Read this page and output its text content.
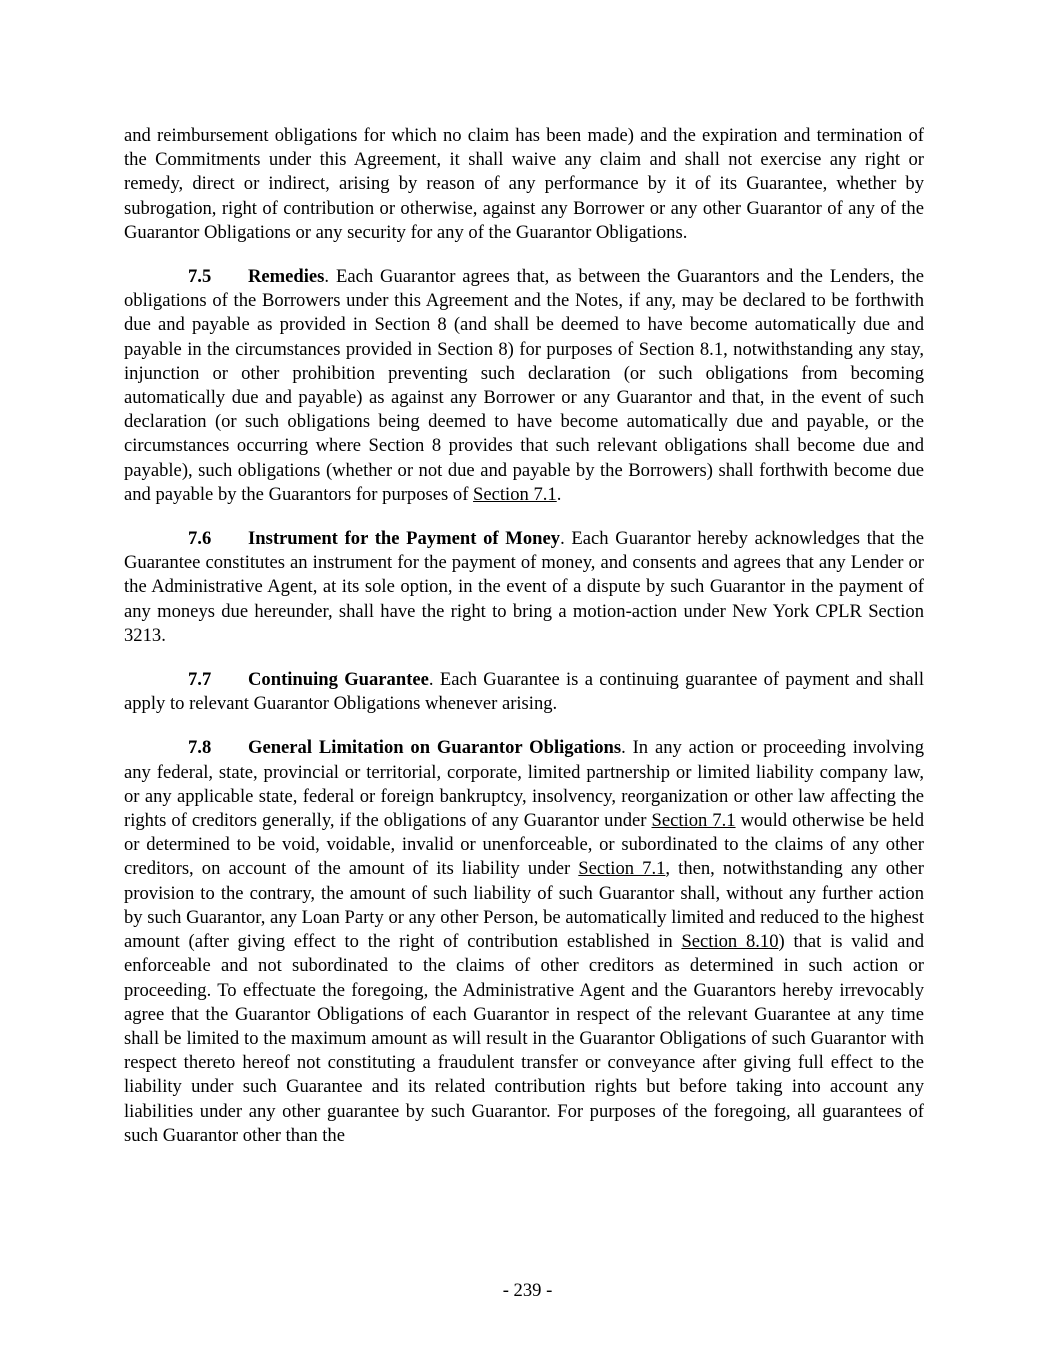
and reimbursement obligations for which no claim has been made) and the expiration and termination of the Commitments under this Agreement, it shall waive any claim and shall not exercise any right or remedy, direct or indirect, arising by reason of any performance by it of its Guarantee, whether by subrogation, right of contribution or otherwise, against any Borrower or any other Guarantor of any of the Guarantor Obligations or any security for any of the Guarantor Obligations.

7.5 Remedies. Each Guarantor agrees that, as between the Guarantors and the Lenders, the obligations of the Borrowers under this Agreement and the Notes, if any, may be declared to be forthwith due and payable as provided in Section 8 (and shall be deemed to have become automatically due and payable in the circumstances provided in Section 8) for purposes of Section 8.1, notwithstanding any stay, injunction or other prohibition preventing such declaration (or such obligations from becoming automatically due and payable) as against any Borrower or any Guarantor and that, in the event of such declaration (or such obligations being deemed to have become automatically due and payable, or the circumstances occurring where Section 8 provides that such relevant obligations shall become due and payable), such obligations (whether or not due and payable by the Borrowers) shall forthwith become due and payable by the Guarantors for purposes of Section 7.1.

7.6 Instrument for the Payment of Money. Each Guarantor hereby acknowledges that the Guarantee constitutes an instrument for the payment of money, and consents and agrees that any Lender or the Administrative Agent, at its sole option, in the event of a dispute by such Guarantor in the payment of any moneys due hereunder, shall have the right to bring a motion-action under New York CPLR Section 3213.

7.7 Continuing Guarantee. Each Guarantee is a continuing guarantee of payment and shall apply to relevant Guarantor Obligations whenever arising.

7.8 General Limitation on Guarantor Obligations. In any action or proceeding involving any federal, state, provincial or territorial, corporate, limited partnership or limited liability company law, or any applicable state, federal or foreign bankruptcy, insolvency, reorganization or other law affecting the rights of creditors generally, if the obligations of any Guarantor under Section 7.1 would otherwise be held or determined to be void, voidable, invalid or unenforceable, or subordinated to the claims of any other creditors, on account of the amount of its liability under Section 7.1, then, notwithstanding any other provision to the contrary, the amount of such liability of such Guarantor shall, without any further action by such Guarantor, any Loan Party or any other Person, be automatically limited and reduced to the highest amount (after giving effect to the right of contribution established in Section 8.10) that is valid and enforceable and not subordinated to the claims of other creditors as determined in such action or proceeding. To effectuate the foregoing, the Administrative Agent and the Guarantors hereby irrevocably agree that the Guarantor Obligations of each Guarantor in respect of the relevant Guarantee at any time shall be limited to the maximum amount as will result in the Guarantor Obligations of such Guarantor with respect thereto hereof not constituting a fraudulent transfer or conveyance after giving full effect to the liability under such Guarantee and its related contribution rights but before taking into account any liabilities under any other guarantee by such Guarantor. For purposes of the foregoing, all guarantees of such Guarantor other than the

- 239 -
